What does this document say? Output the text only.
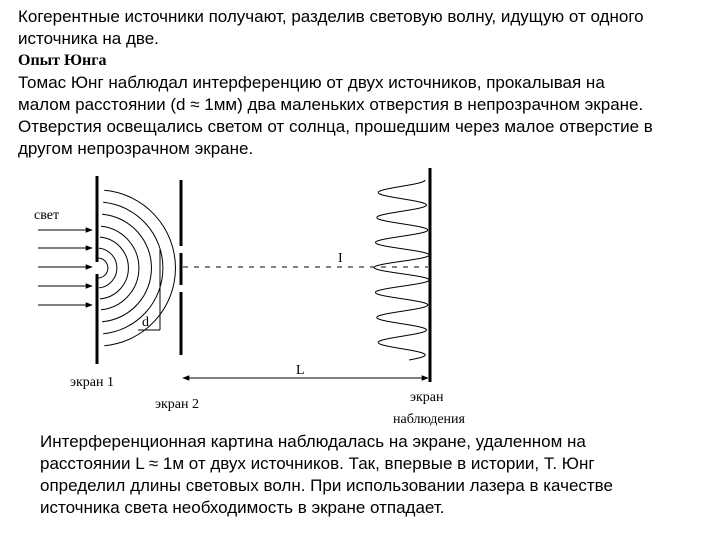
Когерентные источники получают, разделив световую волну, идущую от одного
источника на две.
Опыт Юнга
Томас Юнг наблюдал интерференцию от двух источников, прокалывая на
малом расстоянии (d ≈ 1мм) два маленьких отверстия в непрозрачном экране.
Отверстия освещались светом от солнца, прошедшим через малое отверстие в
другом непрозрачном экране.
свет
d
I
L
экран 1
экран 2	экран
наблюдения
Интерференционная картина наблюдалась на экране, удаленном на
расстоянии L ≈ 1м от двух источников. Так, впервые в истории, Т. Юнг
определил длины световых волн. При использовании лазера в качестве
источника света необходимость в экране отпадает.
